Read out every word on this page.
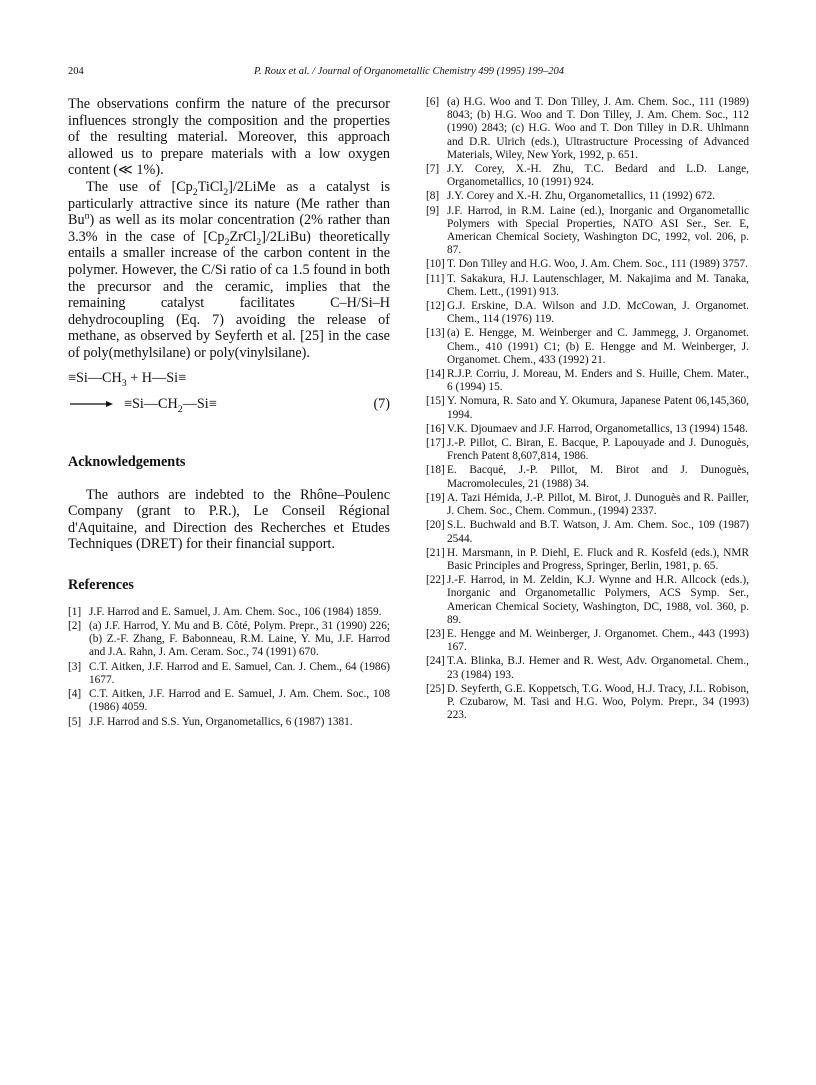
204	P. Roux et al. / Journal of Organometallic Chemistry 499 (1995) 199–204

The observations confirm the nature of the precursor influences strongly the composition and the properties of the resulting material. Moreover, this approach allowed us to prepare materials with a low oxygen content (≪ 1%).

The use of $[Cp_2TiCl_2]/2LiMe$ as a catalyst is particularly attractive since its nature (Me rather than Bu$^n$) as well as its molar concentration (2% rather than 3.3% in the case of $[Cp_2ZrCl_2]/2LiBu$) theoretically entails a smaller increase of the carbon content in the polymer. However, the C/Si ratio of ca 1.5 found in both the precursor and the ceramic, implies that the remaining catalyst facilitates C–H/Si–H dehydrocoupling (Eq. 7) avoiding the release of methane, as observed by Seyferth et al. [25] in the case of poly(methylsilane) or poly(vinylsilane).

$\equiv Si—CH_3$ + H—Si≡
$\equiv Si—CH_2—Si\equiv$	(7)

Acknowledgements

The authors are indebted to the Rhône–Poulenc Company (grant to P.R.), Le Conseil Régional d'Aquitaine, and Direction des Recherches et Etudes Techniques (DRET) for their financial support.

References

[1] J.F. Harrod and E. Samuel, J. Am. Chem. Soc., 106 (1984) 1859.
[2] (a) J.F. Harrod, Y. Mu and B. Côté, Polym. Prepr., 31 (1990) 226; (b) Z.-F. Zhang, F. Babonneau, R.M. Laine, Y. Mu, J.F. Harrod and J.A. Rahn, J. Am. Ceram. Soc., 74 (1991) 670.
[3] C.T. Aitken, J.F. Harrod and E. Samuel, Can. J. Chem., 64 (1986) 1677.
[4] C.T. Aitken, J.F. Harrod and E. Samuel, J. Am. Chem. Soc., 108 (1986) 4059.
[5] J.F. Harrod and S.S. Yun, Organometallics, 6 (1987) 1381.
[6] (a) H.G. Woo and T. Don Tilley, J. Am. Chem. Soc., 111 (1989) 8043; (b) H.G. Woo and T. Don Tilley, J. Am. Chem. Soc., 112 (1990) 2843; (c) H.G. Woo and T. Don Tilley in D.R. Uhlmann and D.R. Ulrich (eds.), Ultrastructure Processing of Advanced Materials, Wiley, New York, 1992, p. 651.
[7] J.Y. Corey, X.-H. Zhu, T.C. Bedard and L.D. Lange, Organometallics, 10 (1991) 924.
[8] J.Y. Corey and X.-H. Zhu, Organometallics, 11 (1992) 672.
[9] J.F. Harrod, in R.M. Laine (ed.), Inorganic and Organometallic Polymers with Special Properties, NATO ASI Ser., Ser. E, American Chemical Society, Washington DC, 1992, vol. 206, p. 87.
[10] T. Don Tilley and H.G. Woo, J. Am. Chem. Soc., 111 (1989) 3757.
[11] T. Sakakura, H.J. Lautenschlager, M. Nakajima and M. Tanaka, Chem. Lett., (1991) 913.
[12] G.J. Erskine, D.A. Wilson and J.D. McCowan, J. Organomet. Chem., 114 (1976) 119.
[13] (a) E. Hengge, M. Weinberger and C. Jammegg, J. Organomet. Chem., 410 (1991) C1; (b) E. Hengge and M. Weinberger, J. Organomet. Chem., 433 (1992) 21.
[14] R.J.P. Corriu, J. Moreau, M. Enders and S. Huille, Chem. Mater., 6 (1994) 15.
[15] Y. Nomura, R. Sato and Y. Okumura, Japanese Patent 06,145,360, 1994.
[16] V.K. Djoumaev and J.F. Harrod, Organometallics, 13 (1994) 1548.
[17] J.-P. Pillot, C. Biran, E. Bacque, P. Lapouyade and J. Dunoguès, French Patent 8,607,814, 1986.
[18] E. Bacqué, J.-P. Pillot, M. Birot and J. Dunoguès, Macromolecules, 21 (1988) 34.
[19] A. Tazi Hémida, J.-P. Pillot, M. Birot, J. Dunoguès and R. Pailler, J. Chem. Soc., Chem. Commun., (1994) 2337.
[20] S.L. Buchwald and B.T. Watson, J. Am. Chem. Soc., 109 (1987) 2544.
[21] H. Marsmann, in P. Diehl, E. Fluck and R. Kosfeld (eds.), NMR Basic Principles and Progress, Springer, Berlin, 1981, p. 65.
[22] J.-F. Harrod, in M. Zeldin, K.J. Wynne and H.R. Allcock (eds.), Inorganic and Organometallic Polymers, ACS Symp. Ser., American Chemical Society, Washington, DC, 1988, vol. 360, p. 89.
[23] E. Hengge and M. Weinberger, J. Organomet. Chem., 443 (1993) 167.
[24] T.A. Blinka, B.J. Hemer and R. West, Adv. Organometal. Chem., 23 (1984) 193.
[25] D. Seyferth, G.E. Koppetsch, T.G. Wood, H.J. Tracy, J.L. Robison, P. Czubarow, M. Tasi and H.G. Woo, Polym. Prepr., 34 (1993) 223.
